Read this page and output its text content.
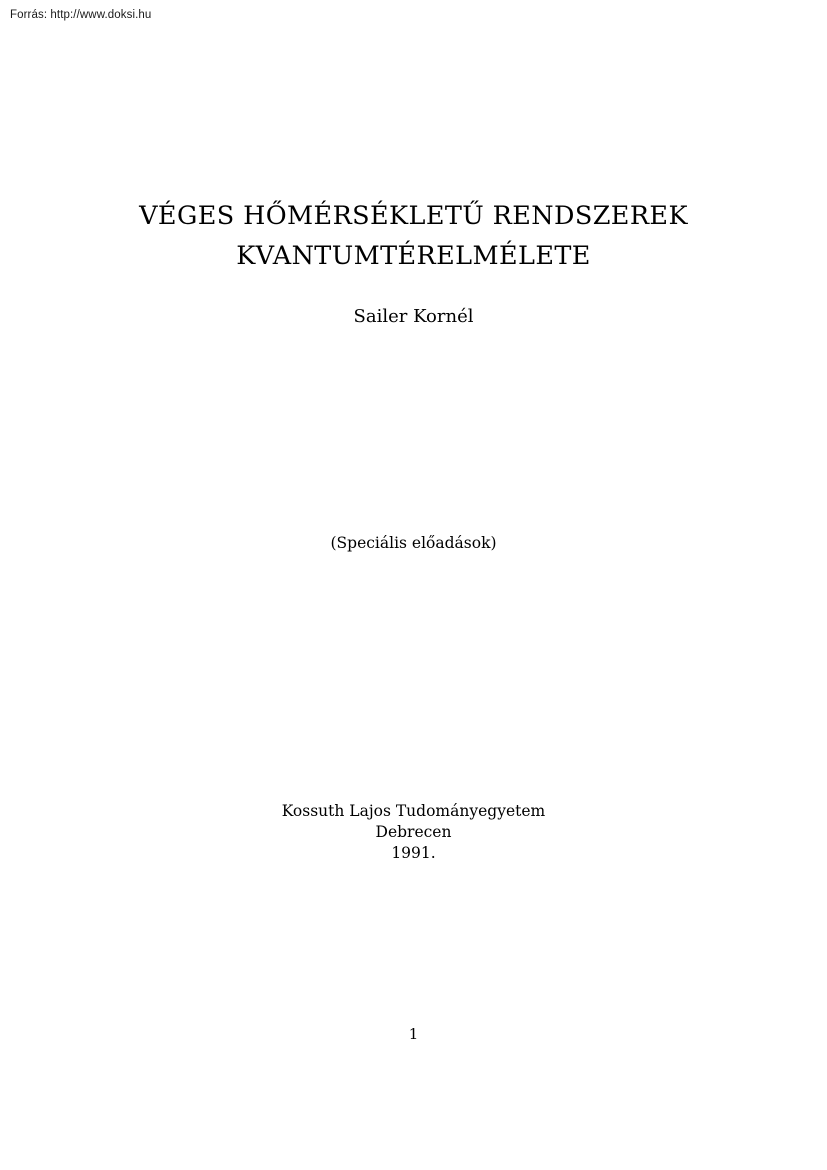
Forrás: http://www.doksi.hu
VÉGES HŐMÉRSÉKLETŰ RENDSZEREK
KVANTUMTÉRELMÉLETE
Sailer Kornél
(Speciális előadások)
Kossuth Lajos Tudományegyetem
Debrecen
1991.
1
